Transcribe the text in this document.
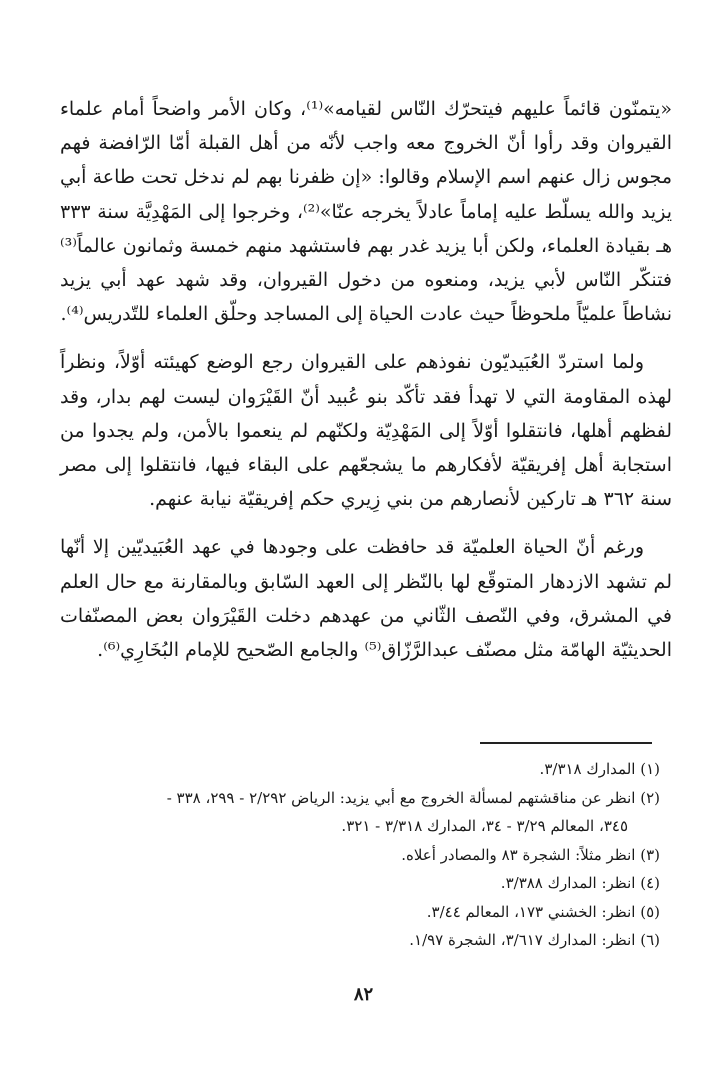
«يتمنّون قائماً عليهم فيتحرّك النّاس لقيامه»⁽¹⁾، وكان الأمر واضحاً أمام علماء القيروان وقد رأوا أنّ الخروج معه واجب لأنّه من أهل القبلة أمّا الرّافضة فهم مجوس زال عنهم اسم الإسلام وقالوا: «إن ظفرنا بهم لم ندخل تحت طاعة أبي يزيد والله يسلّط عليه إماماً عادلاً يخرجه عنّا»⁽²⁾، وخرجوا إلى المَهْدِيَّة سنة ٣٣٣ هـ بقيادة العلماء، ولكن أبا يزيد غدر بهم فاستشهد منهم خمسة وثمانون عالماً⁽³⁾ فتنكّر النّاس لأبي يزيد، ومنعوه من دخول القيروان، وقد شهد عهد أبي يزيد نشاطاً علميّاً ملحوظاً حيث عادت الحياة إلى المساجد وحلّق العلماء للتّدريس⁽⁴⁾.

ولما استردّ العُبَيديّون نفوذهم على القيروان رجع الوضع كهيئته أوّلاً، ونظراً لهذه المقاومة التي لا تهدأ فقد تأكّد بنو عُبيد أنّ القَيْرَوان ليست لهم بدار، وقد لفظهم أهلها، فانتقلوا أوّلاً إلى المَهْدِيّة ولكنّهم لم ينعموا بالأمن، ولم يجدوا من استجابة أهل إفريقيّة لأفكارهم ما يشجعّهم على البقاء فيها، فانتقلوا إلى مصر سنة ٣٦٢ هـ تاركين لأنصارهم من بني زِيري حكم إفريقيّة نيابة عنهم.

ورغم أنّ الحياة العلميّة قد حافظت على وجودها في عهد العُبَيديّين إلا أنّها لم تشهد الازدهار المتوقّع لها بالنّظر إلى العهد السّابق وبالمقارنة مع حال العلم في المشرق، وفي النّصف الثّاني من عهدهم دخلت القَيْرَوان بعض المصنّفات الحديثيّة الهامّة مثل مصنّف عبدالرَّزّاق⁽⁵⁾ والجامع الصّحيح للإمام البُخَارِي⁽⁶⁾.

(١) المدارك ٣/٣١٨.

(٢) انظر عن مناقشتهم لمسألة الخروج مع أبي يزيد: الرياض ٢/٢٩٢ - ٢٩٩، ٣٣٨ -
٣٤٥، المعالم ٣/٢٩ - ٣٤، المدارك ٣/٣١٨ - ٣٢١.

(٣) انظر مثلاً: الشجرة ٨٣ والمصادر أعلاه.

(٤) انظر: المدارك ٣/٣٨٨.

(٥) انظر: الخشني ١٧٣، المعالم ٣/٤٤.

(٦) انظر: المدارك ٣/٦١٧، الشجرة ١/٩٧.

٨٢
